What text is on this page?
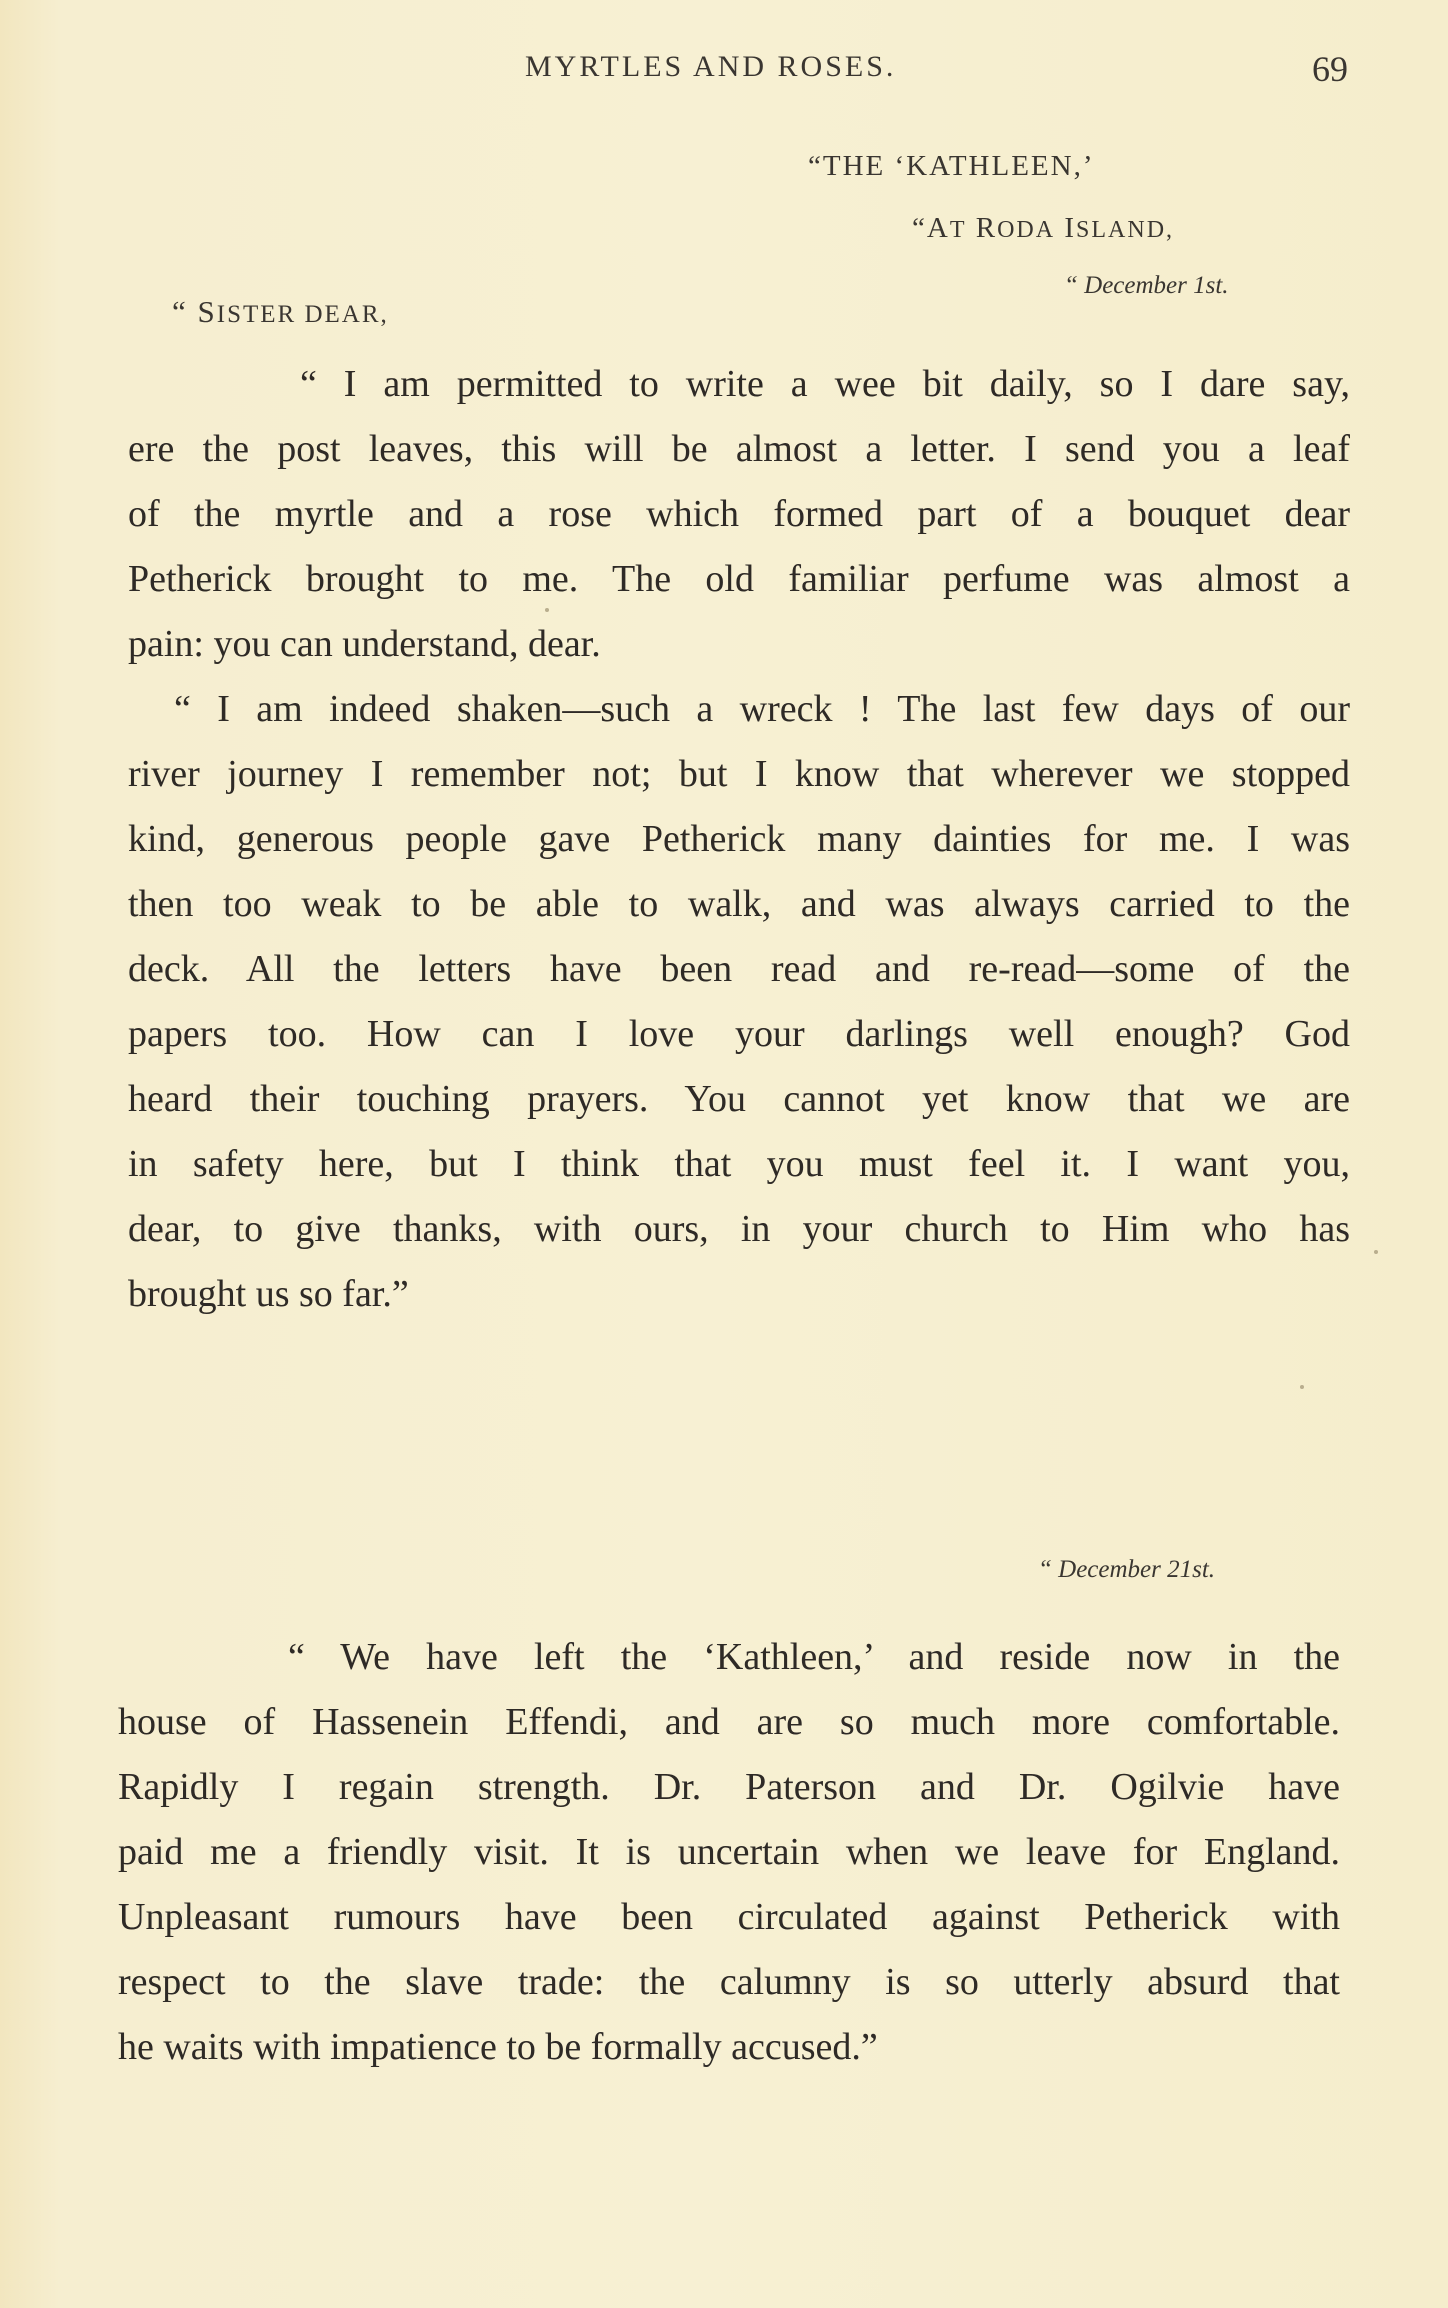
MYRTLES AND ROSES.	69
“THE ‘KATHLEEN,’
“AT RODA ISLAND,
“ December 1st.
“ SISTER DEAR,
“ I am permitted to write a wee bit daily, so I dare say,
ere the post leaves, this will be almost a letter. I send you a leaf
of the myrtle and a rose which formed part of a bouquet dear
Petherick brought to me. The old familiar perfume was almost a
pain: you can understand, dear.
“ I am indeed shaken—such a wreck ! The last few days of our
river journey I remember not; but I know that wherever we stopped
kind, generous people gave Petherick many dainties for me. I was
then too weak to be able to walk, and was always carried to the
deck. All the letters have been read and re-read—some of the
papers too. How can I love your darlings well enough? God
heard their touching prayers. You cannot yet know that we are
in safety here, but I think that you must feel it. I want you,
dear, to give thanks, with ours, in your church to Him who has
brought us so far.”
“ December 21st.
“ We have left the ‘Kathleen,’ and reside now in the
house of Hassenein Effendi, and are so much more comfortable.
Rapidly I regain strength. Dr. Paterson and Dr. Ogilvie have
paid me a friendly visit. It is uncertain when we leave for England.
Unpleasant rumours have been circulated against Petherick with
respect to the slave trade: the calumny is so utterly absurd that
he waits with impatience to be formally accused.”
